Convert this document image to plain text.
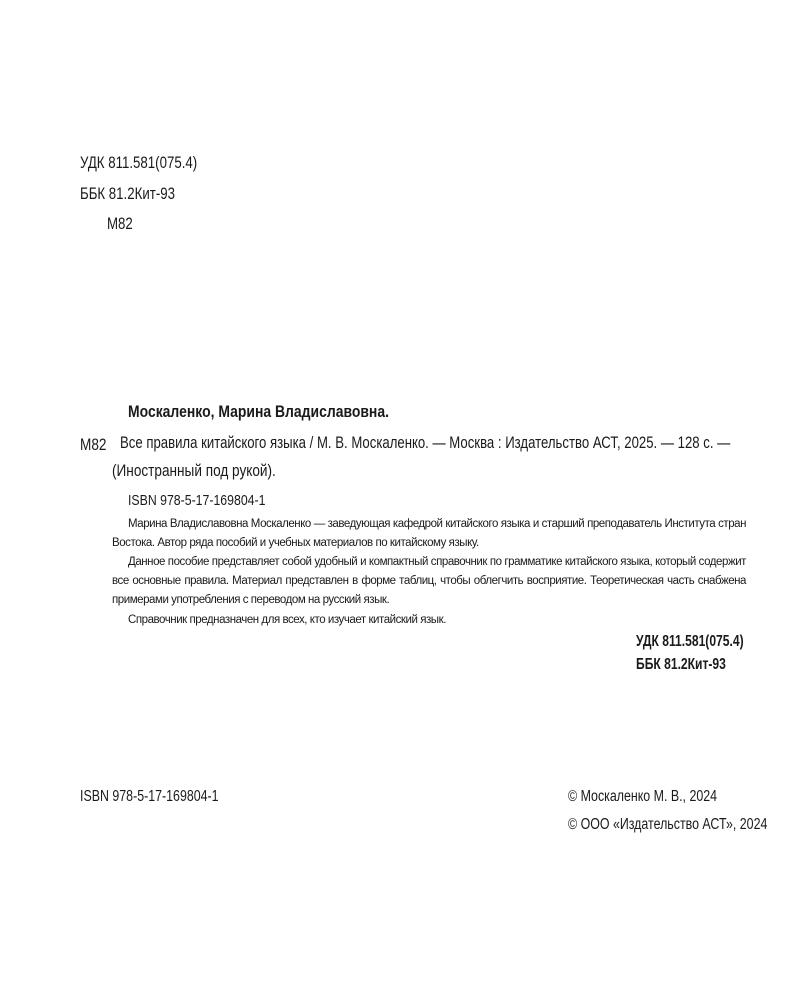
УДК 811.581(075.4)
ББК 81.2Кит-93
М82
Москаленко, Марина Владиславовна.
М82 Все правила китайского языка / М. В. Москаленко. — Москва : Издательство АСТ, 2025. — 128 с. —
(Иностранный под рукой).
ISBN 978-5-17-169804-1
Марина Владиславовна Москаленко — заведующая кафедрой китайского языка и старший преподаватель Института стран Востока. Автор ряда пособий и учебных материалов по китайскому языку.
Данное пособие представляет собой удобный и компактный справочник по грамматике китайского языка, который содержит все основные правила. Материал представлен в форме таблиц, чтобы облегчить восприятие. Теоретическая часть снабжена примерами употребления с переводом на русский язык.
Справочник предназначен для всех, кто изучает китайский язык.
УДК 811.581(075.4)
ББК 81.2Кит-93
ISBN 978-5-17-169804-1	© Москаленко М. В., 2024
© ООО «Издательство АСТ», 2024
